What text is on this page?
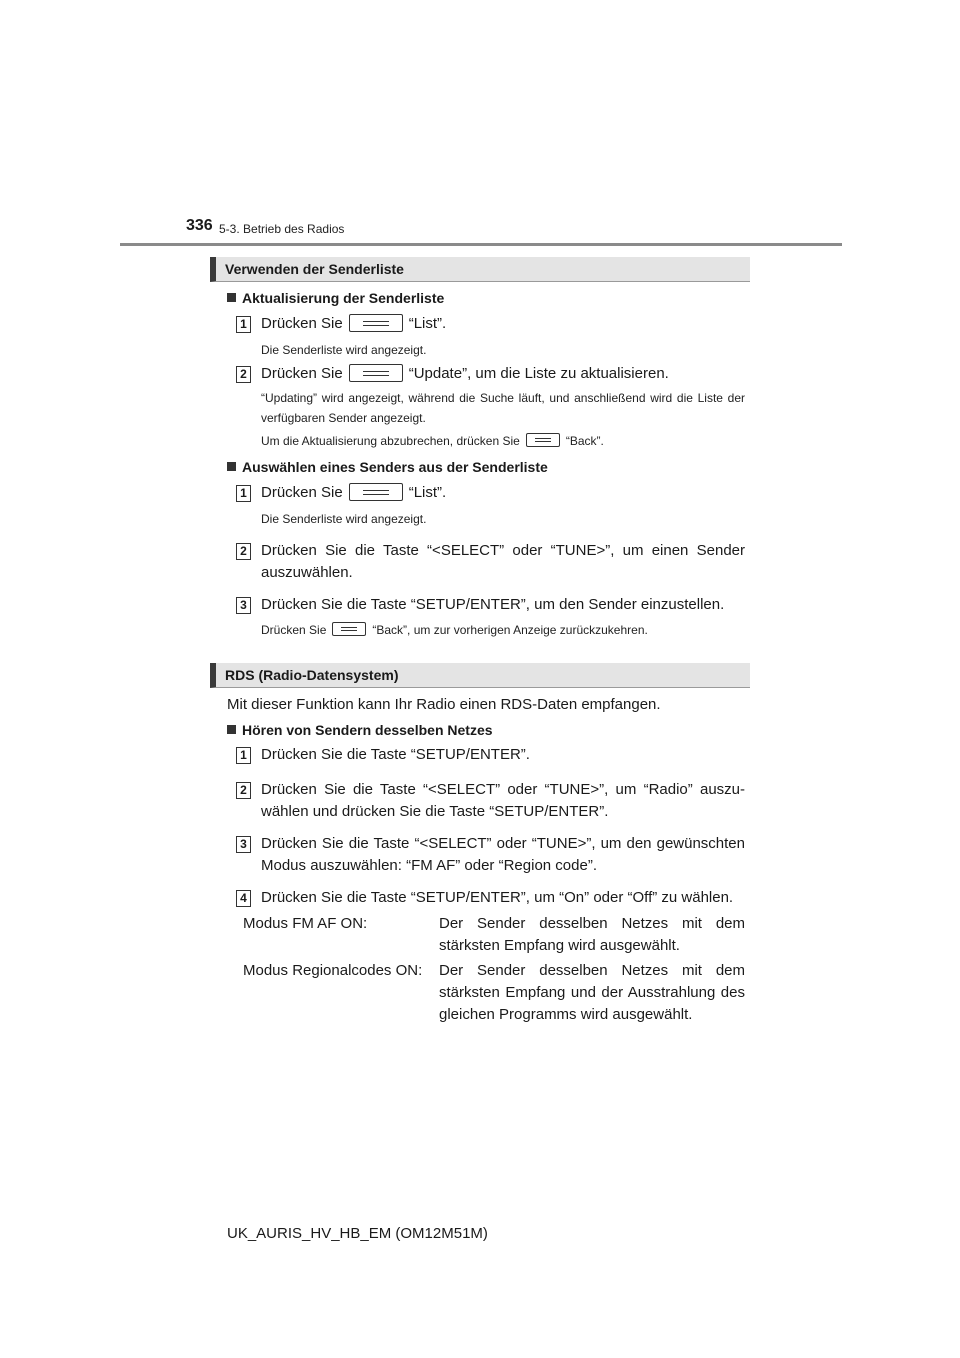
336 5-3. Betrieb des Radios
Verwenden der Senderliste
Aktualisierung der Senderliste
1 Drücken Sie	“List”.
Die Senderliste wird angezeigt.
2 Drücken Sie	“Update”, um die Liste zu aktualisieren.
“Updating” wird angezeigt, während die Suche läuft, und anschließend wird die Liste der verfügbaren Sender angezeigt.
Um die Aktualisierung abzubrechen, drücken Sie	“Back”.
Auswählen eines Senders aus der Senderliste
1 Drücken Sie	“List”.
Die Senderliste wird angezeigt.
2 Drücken Sie die Taste “<SELECT” oder “TUNE>”, um einen Sender auszuwählen.
3 Drücken Sie die Taste “SETUP/ENTER”, um den Sender einzustellen.
Drücken Sie	“Back”, um zur vorherigen Anzeige zurückzukehren.
RDS (Radio-Datensystem)
Mit dieser Funktion kann Ihr Radio einen RDS-Daten empfangen.
Hören von Sendern desselben Netzes
1 Drücken Sie die Taste “SETUP/ENTER”.
2 Drücken Sie die Taste “<SELECT” oder “TUNE>”, um “Radio” auszu- wählen und drücken Sie die Taste “SETUP/ENTER”.
3 Drücken Sie die Taste “<SELECT” oder “TUNE>”, um den gewünschten Modus auszuwählen: “FM AF” oder “Region code”.
4 Drücken Sie die Taste “SETUP/ENTER”, um “On” oder “Off” zu wählen.
Modus FM AF ON:	Der Sender desselben Netzes mit dem stärksten Empfang wird ausgewählt.
Modus Regionalcodes ON: Der Sender desselben Netzes mit dem stärksten Empfang und der Ausstrahlung des gleichen Programms wird ausgewählt.
UK_AURIS_HV_HB_EM (OM12M51M)
